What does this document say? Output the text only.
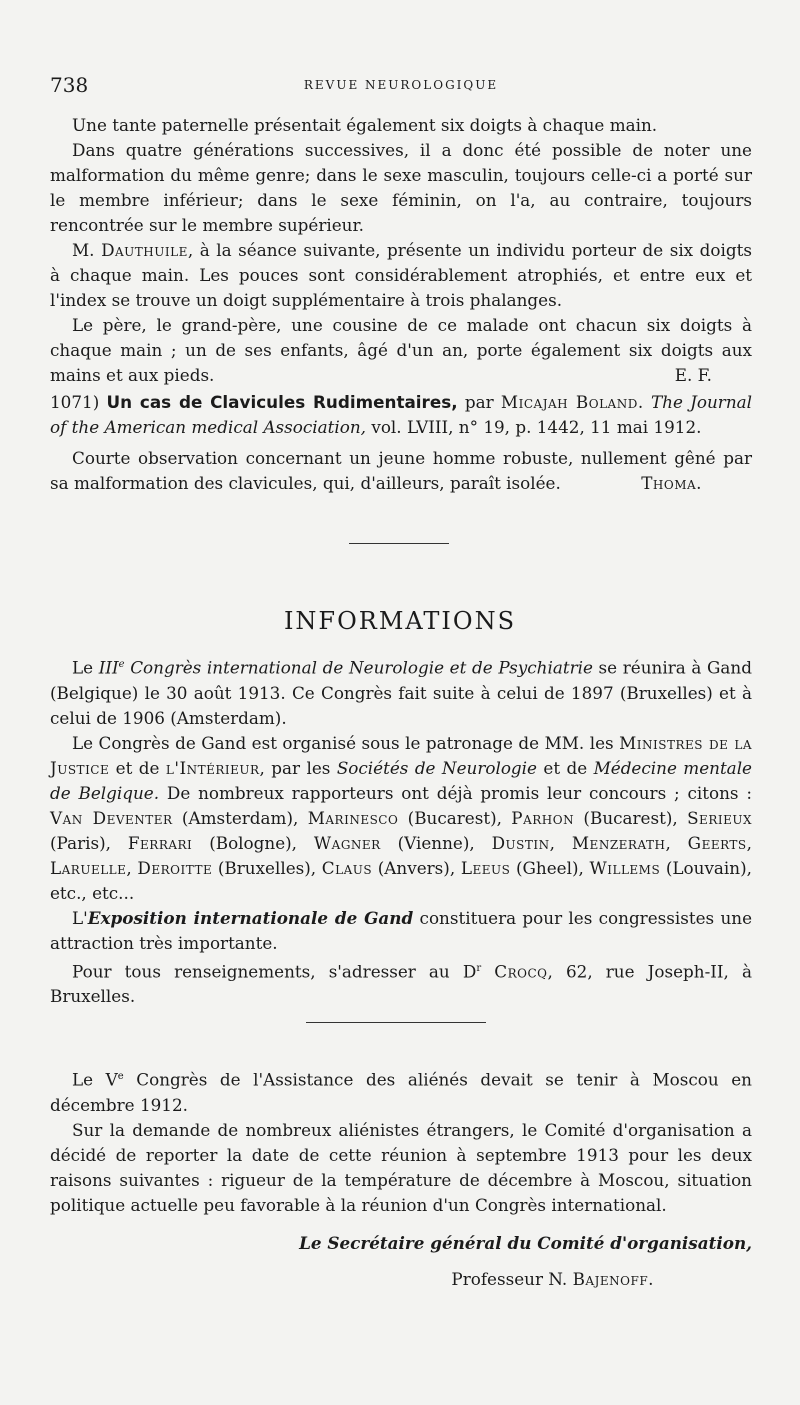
738	REVUE NEUROLOGIQUE

Une tante paternelle présentait également six doigts à chaque main.

Dans quatre générations successives, il a donc été possible de noter une malformation du même genre; dans le sexe masculin, toujours celle-ci a porté sur le membre inférieur; dans le sexe féminin, on l'a, au contraire, toujours rencontrée sur le membre supérieur.

M. Dauthuile, à la séance suivante, présente un individu porteur de six doigts à chaque main. Les pouces sont considérablement atrophiés, et entre eux et l'index se trouve un doigt supplémentaire à trois phalanges.

Le père, le grand-père, une cousine de ce malade ont chacun six doigts à chaque main ; un de ses enfants, âgé d'un an, porte également six doigts aux mains et aux pieds.	E. F.

1071) Un cas de Clavicules Rudimentaires, par Micajah Boland. The Journal of the American medical Association, vol. LVIII, n° 19, p. 1442, 11 mai 1912.

Courte observation concernant un jeune homme robuste, nullement gêné par sa malformation des clavicules, qui, d'ailleurs, paraît isolée.	Thoma.

INFORMATIONS

Le IIIe Congrès international de Neurologie et de Psychiatrie se réunira à Gand (Belgique) le 30 août 1913. Ce Congrès fait suite à celui de 1897 (Bruxelles) et à celui de 1906 (Amsterdam).

Le Congrès de Gand est organisé sous le patronage de MM. les Ministres de la Justice et de l'Intérieur, par les Sociétés de Neurologie et de Médecine mentale de Belgique. De nombreux rapporteurs ont déjà promis leur concours ; citons : Van Deventer (Amsterdam), Marinesco (Bucarest), Parhon (Bucarest), Serieux (Paris), Ferrari (Bologne), Wagner (Vienne), Dustin, Menzerath, Geerts, Laruelle, Deroitte (Bruxelles), Claus (Anvers), Leeus (Gheel), Willems (Louvain), etc., etc...

L'Exposition internationale de Gand constituera pour les congressistes une attraction très importante.

Pour tous renseignements, s'adresser au $D^r$ Crocq, 62, rue Joseph-II, à Bruxelles.

Le Ve Congrès de l'Assistance des aliénés devait se tenir à Moscou en décembre 1912.

Sur la demande de nombreux aliénistes étrangers, le Comité d'organisation a décidé de reporter la date de cette réunion à septembre 1913 pour les deux raisons suivantes : rigueur de la température de décembre à Moscou, situation politique actuelle peu favorable à la réunion d'un Congrès international.

Le Secrétaire général du Comité d'organisation,
Professeur N. Bajenoff.
